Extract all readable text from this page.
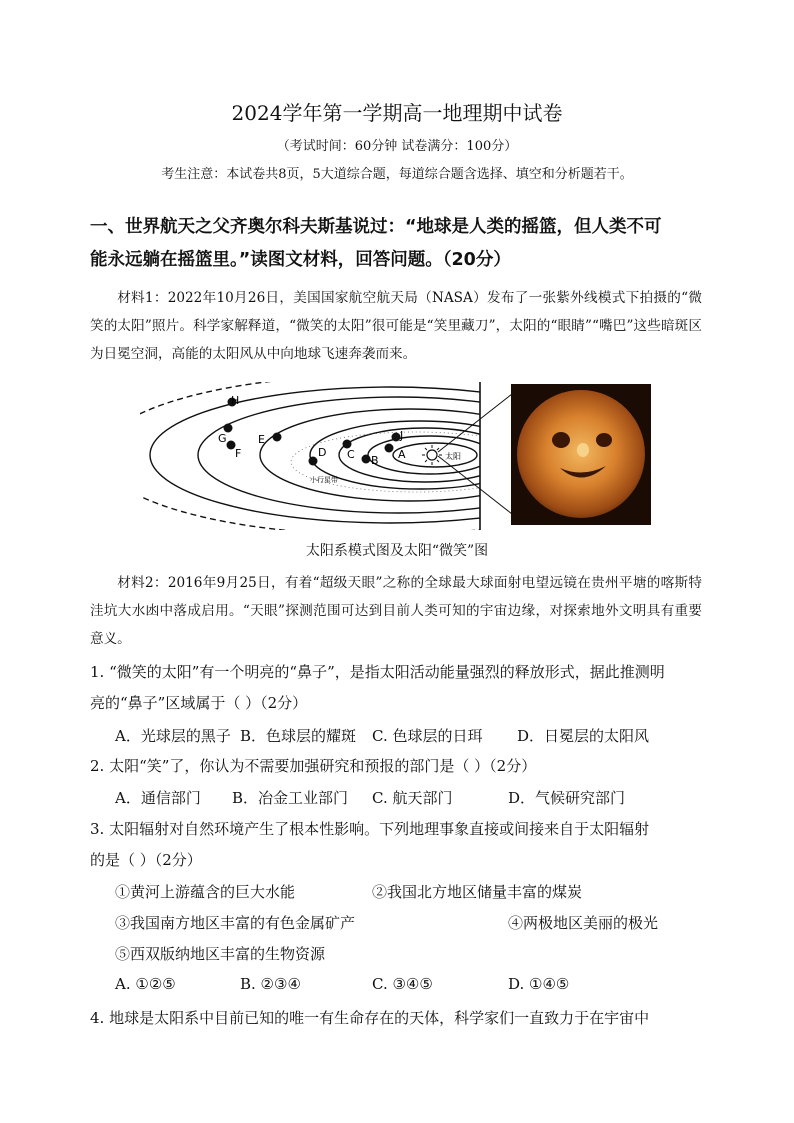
2024学年第一学期高一地理期中试卷
（考试时间：60分钟 试卷满分：100分）
考生注意：本试卷共8页，5大道综合题，每道综合题含选择、填空和分析题若干。
一、世界航天之父齐奥尔科夫斯基说过：“地球是人类的摇篮，但人类不可
能永远躺在摇篮里。”读图文材料，回答问题。（20分）
材料1：2022年10月26日，美国国家航空航天局（NASA）发布了一张紫外线模式下拍摄的“微笑的太阳”照片。科学家解释道，“微笑的太阳”很可能是“笑里藏刀”，太阳的“眼睛”“嘴巴”这些暗斑区为日冕空洞，高能的太阳风从中向地球飞速奔袭而来。
太阳
小行星带
H
G	E
F	D C B A
J
太阳系模式图及太阳“微笑”图
材料2：2016年9月25日，有着“超级天眼”之称的全球最大球面射电望远镜在贵州平塘的喀斯特洼坑大水凼中落成启用。“天眼”探测范围可达到目前人类可知的宇宙边缘，对探索地外文明具有重要意义。
1. “微笑的太阳”有一个明亮的“鼻子”，是指太阳活动能量强烈的释放形式，据此推测明
亮的“鼻子”区域属于（ ）（2分）
A．光球层的黑子 B．色球层的耀斑 C. 色球层的日珥 D．日冕层的太阳风
2. 太阳“笑”了，你认为不需要加强研究和预报的部门是（ ）（2分）
A．通信部门 B．冶金工业部门 C. 航天部门	D．气候研究部门
3. 太阳辐射对自然环境产生了根本性影响。下列地理事象直接或间接来自于太阳辐射
的是（ ）（2分）
①黄河上游蕴含的巨大水能	②我国北方地区储量丰富的煤炭
③我国南方地区丰富的有色金属矿产	④两极地区美丽的极光
⑤西双版纳地区丰富的生物资源
A. ①②⑤	B. ②③④	C. ③④⑤	D. ①④⑤
4. 地球是太阳系中目前已知的唯一有生命存在的天体，科学家们一直致力于在宇宙中
